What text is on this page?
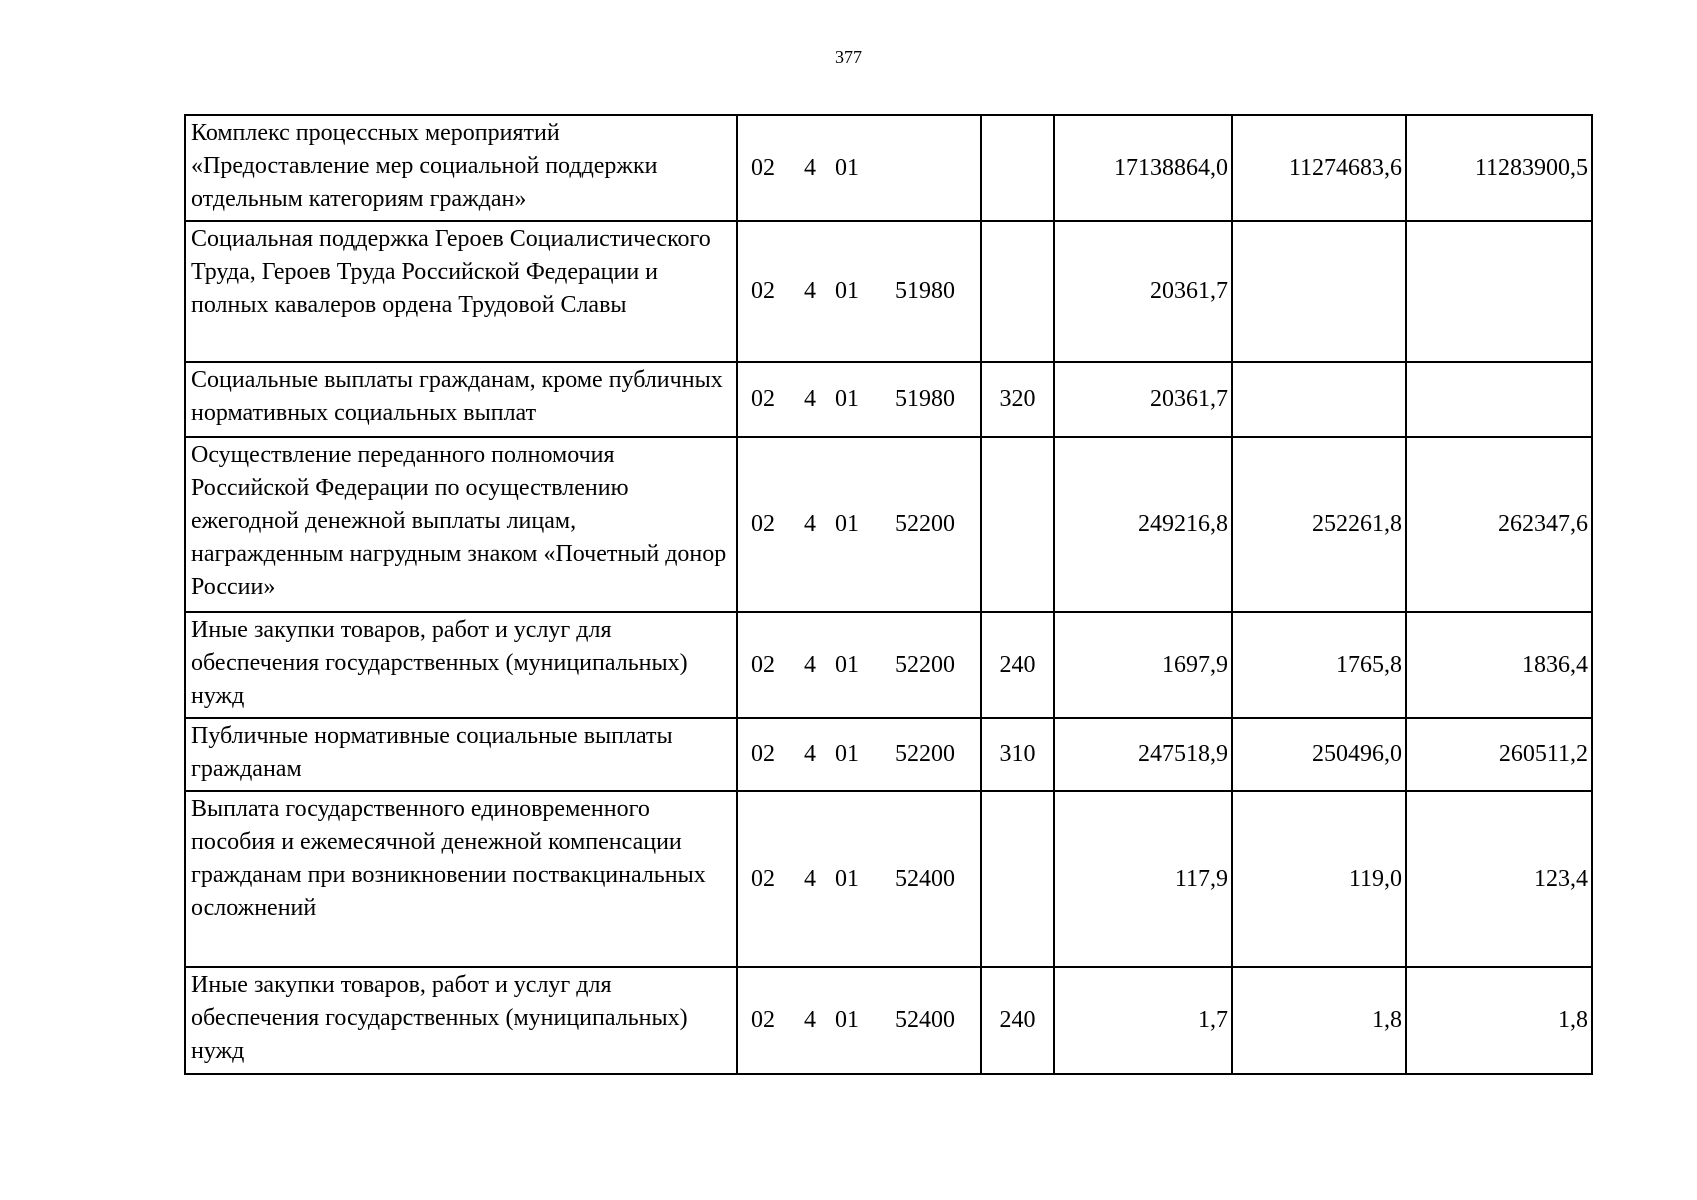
377
Комплекс процессных мероприятий «Предоставление мер социальной поддержки отдельным категориям граждан»	02 4 01		17138864,0	11274683,6	11283900,5
Социальная поддержка Героев Социалистического Труда, Героев Труда Российской Федерации и полных кавалеров ордена Трудовой Славы	02 4 01 51980		20361,7		
Социальные выплаты гражданам, кроме публичных нормативных социальных выплат	02 4 01 51980	320	20361,7		
Осуществление переданного полномочия Российской Федерации по осуществлению ежегодной денежной выплаты лицам, награжденным нагрудным знаком «Почетный донор России»	02 4 01 52200		249216,8	252261,8	262347,6
Иные закупки товаров, работ и услуг для обеспечения государственных (муниципальных) нужд	02 4 01 52200	240	1697,9	1765,8	1836,4
Публичные нормативные социальные выплаты гражданам	02 4 01 52200	310	247518,9	250496,0	260511,2
Выплата государственного единовременного пособия и ежемесячной денежной компенсации гражданам при возникновении поствакцинальных осложнений	02 4 01 52400		117,9	119,0	123,4
Иные закупки товаров, работ и услуг для обеспечения государственных (муниципальных) нужд	02 4 01 52400	240	1,7	1,8	1,8
